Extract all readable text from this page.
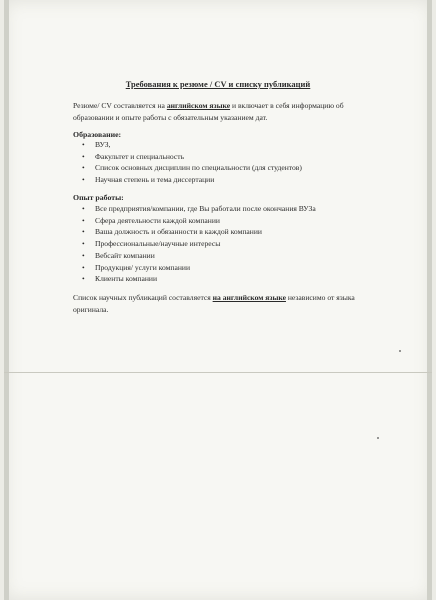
Требования к резюме / CV и списку публикаций
Резюме/ CV составляется на английском языке и включает в себя информацию об образовании и опыте работы с обязательным указанием дат.
Образование:
• ВУЗ,
• Факультет и специальность
• Список основных дисциплин по специальности (для студентов)
• Научная степень и тема диссертации
Опыт работы:
• Все предприятия/компании, где Вы работали после окончания ВУЗа
• Сфера деятельности каждой компании
• Ваша должность и обязанности в каждой компании
• Профессиональные/научные интересы
• Вебсайт компании
• Продукция/ услуги компании
• Клиенты компании
Список научных публикаций составляется на английском языке независимо от языка оригинала.
